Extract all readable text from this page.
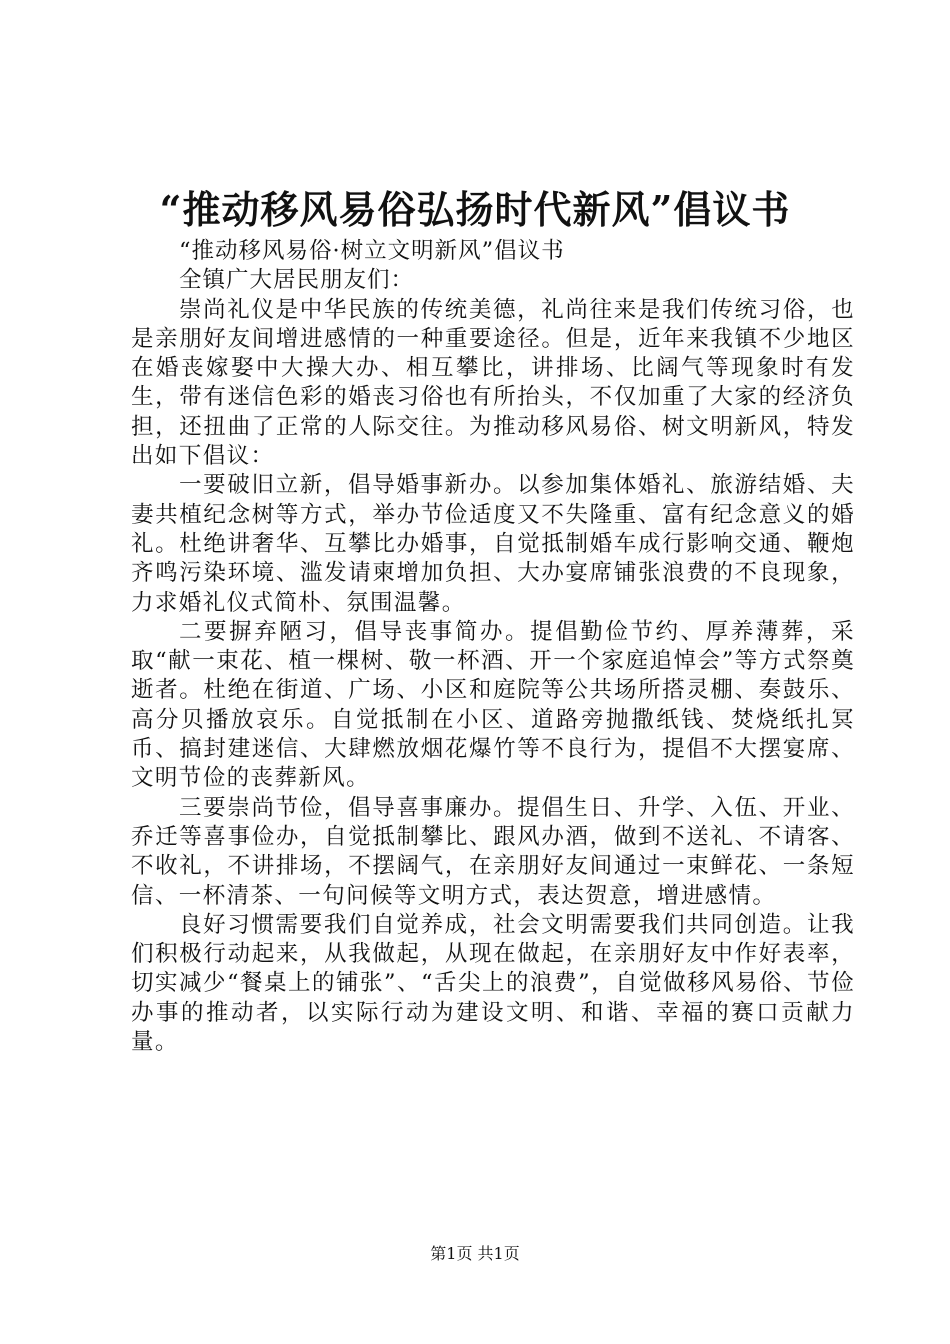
“推动移风易俗弘扬时代新风”倡议书

“推动移风易俗·树立文明新风”倡议书

全镇广大居民朋友们：

崇尚礼仪是中华民族的传统美德，礼尚往来是我们传统习俗，也是亲朋好友间增进感情的一种重要途径。但是，近年来我镇不少地区在婚丧嫁娶中大操大办、相互攀比，讲排场、比阔气等现象时有发生，带有迷信色彩的婚丧习俗也有所抬头，不仅加重了大家的经济负担，还扭曲了正常的人际交往。为推动移风易俗、树文明新风，特发出如下倡议：

一要破旧立新，倡导婚事新办。以参加集体婚礼、旅游结婚、夫妻共植纪念树等方式，举办节俭适度又不失隆重、富有纪念意义的婚礼。杜绝讲奢华、互攀比办婚事，自觉抵制婚车成行影响交通、鞭炮齐鸣污染环境、滥发请柬增加负担、大办宴席铺张浪费的不良现象，力求婚礼仪式简朴、氛围温馨。

二要摒弃陋习，倡导丧事简办。提倡勤俭节约、厚养薄葬，采取“献一束花、植一棵树、敬一杯酒、开一个家庭追悼会”等方式祭奠逝者。杜绝在街道、广场、小区和庭院等公共场所搭灵棚、奏鼓乐、高分贝播放哀乐。自觉抵制在小区、道路旁抛撒纸钱、焚烧纸扎冥币、搞封建迷信、大肆燃放烟花爆竹等不良行为，提倡不大摆宴席、文明节俭的丧葬新风。

三要崇尚节俭，倡导喜事廉办。提倡生日、升学、入伍、开业、乔迁等喜事俭办，自觉抵制攀比、跟风办酒，做到不送礼、不请客、不收礼，不讲排场，不摆阔气，在亲朋好友间通过一束鲜花、一条短信、一杯清茶、一句问候等文明方式，表达贺意，增进感情。

良好习惯需要我们自觉养成，社会文明需要我们共同创造。让我们积极行动起来，从我做起，从现在做起，在亲朋好友中作好表率，切实减少“餐桌上的铺张”、“舌尖上的浪费”，自觉做移风易俗、节俭办事的推动者，以实际行动为建设文明、和谐、幸福的赛口贡献力量。

第1页 共1页
